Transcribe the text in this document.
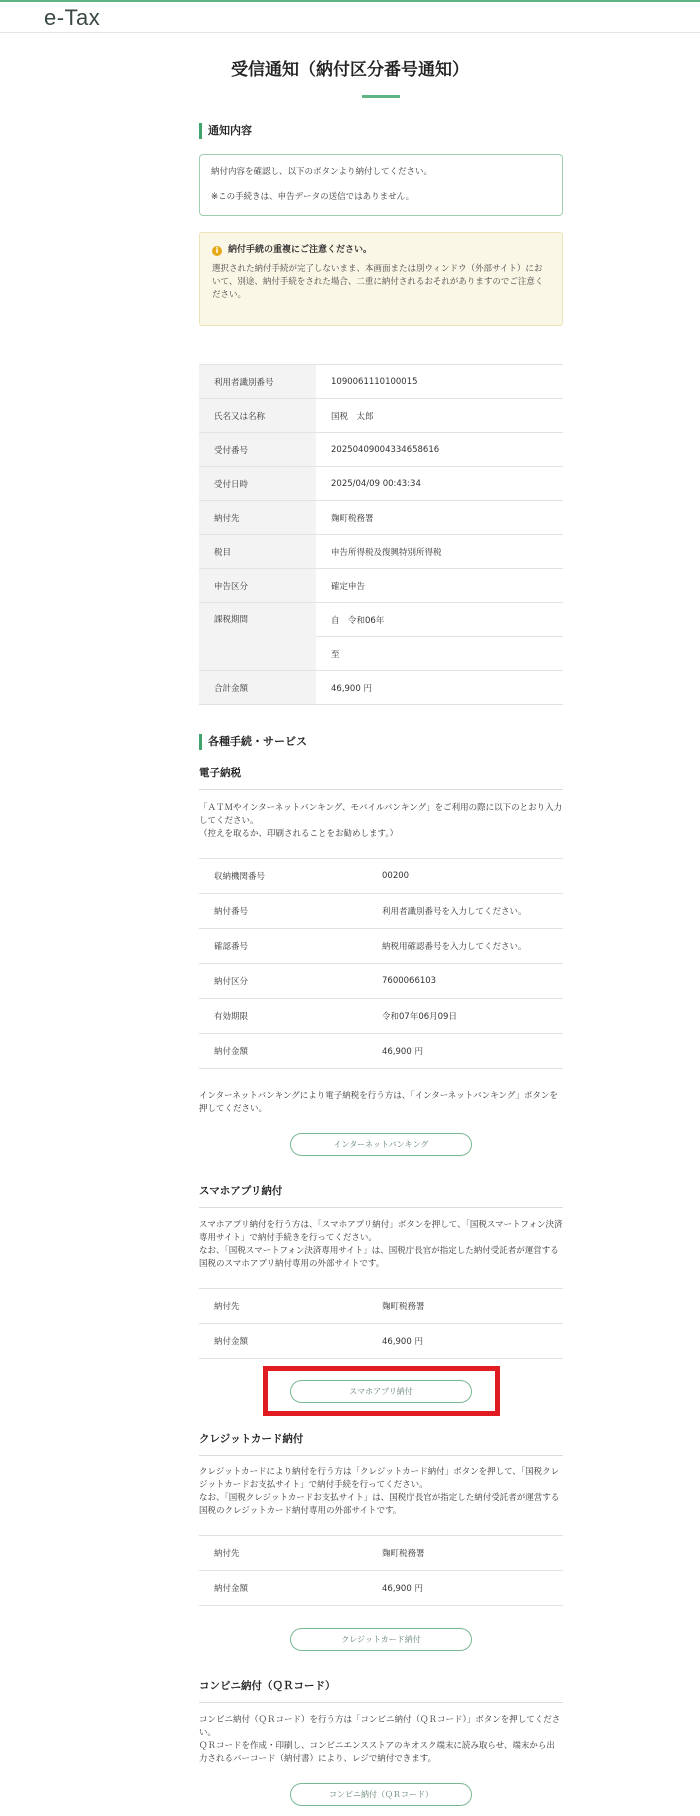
e-Tax
受信通知（納付区分番号通知）
通知内容

納付内容を確認し、以下のボタンより納付してください。

※この手続きは、申告データの送信ではありません。

i	納付手続の重複にご注意ください。
選択された納付手続が完了しないまま、本画面または別ウィンドウ（外部サイト）において、別途、納付手続をされた場合、二重に納付されるおそれがありますのでご注意ください。
利用者識別番号	1090061110100015
氏名又は名称	国税　太郎
受付番号	20250409004334658616
受付日時	2025/04/09 00:43:34
納付先	麹町税務署
税目	申告所得税及復興特別所得税
申告区分	確定申告
課税期間	自　令和06年
	至
合計金額	46,900 円
各種手続・サービス
電子納税

「ＡＴＭやインターネットバンキング、モバイルバンキング」をご利用の際に以下のとおり入力してください。

（控えを取るか、印刷されることをお勧めします。）

収納機関番号	00200
納付番号	利用者識別番号を入力してください。
確認番号	納税用確認番号を入力してください。
納付区分	7600066103
有効期限	令和07年06月09日
納付金額	46,900 円
インターネットバンキングにより電子納税を行う方は、「インターネットバンキング」ボタンを押してください。
インターネットバンキング
スマホアプリ納付

スマホアプリ納付を行う方は、「スマホアプリ納付」ボタンを押して、「国税スマートフォン決済専用サイト」で納付手続きを行ってください。

なお、「国税スマートフォン決済専用サイト」は、国税庁長官が指定した納付受託者が運営する国税のスマホアプリ納付専用の外部サイトです。

納付先	麹町税務署
納付金額	46,900 円
スマホアプリ納付
クレジットカード納付

クレジットカードにより納付を行う方は「クレジットカード納付」ボタンを押して、「国税クレジットカードお支払サイト」で納付手続を行ってください。

なお、「国税クレジットカードお支払サイト」は、国税庁長官が指定した納付受託者が運営する国税のクレジットカード納付専用の外部サイトです。

納付先	麹町税務署
納付金額	46,900 円
クレジットカード納付
コンビニ納付（ＱＲコード）

コンビニ納付（ＱＲコード）を行う方は「コンビニ納付（ＱＲコード）」ボタンを押してください。

ＱＲコードを作成・印刷し、コンビニエンスストアのキオスク端末に読み取らせ、端末から出力されるバーコード（納付書）により、レジで納付できます。

コンビニ納付（ＱＲコード）
